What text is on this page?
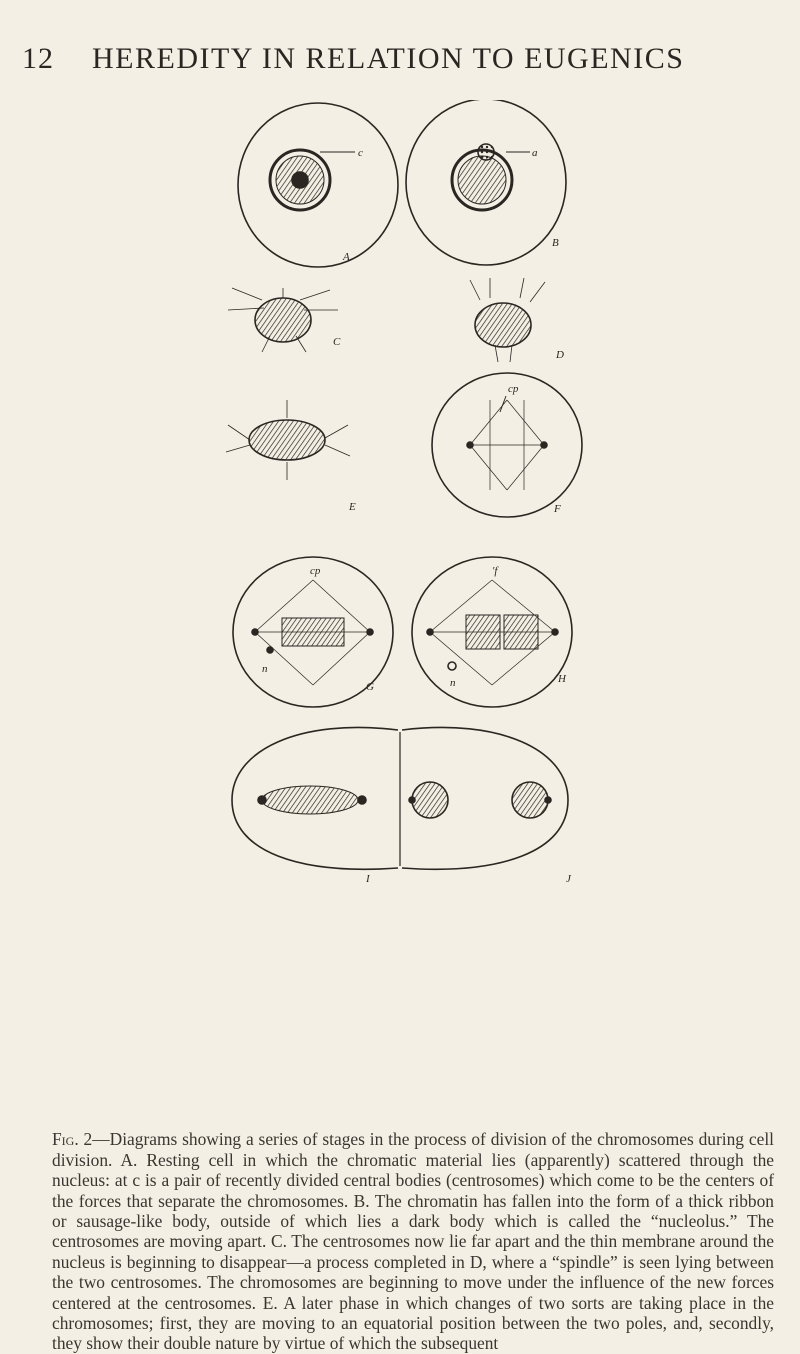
12 HEREDITY IN RELATION TO EUGENICS
c	a
A
B
C
D
cp
E	F
cp
n
G
'f
n	H
I	J

Fig. 2—Diagrams showing a series of stages in the process of division of the chromosomes during cell division. A. Resting cell in which the chromatic material lies (apparently) scattered through the nucleus: at c is a pair of recently divided central bodies (centrosomes) which come to be the centers of the forces that separate the chromosomes. B. The chromatin has fallen into the form of a thick ribbon or sausage-like body, outside of which lies a dark body which is called the “nucleolus.” The centrosomes are moving apart. C. The centrosomes now lie far apart and the thin membrane around the nucleus is beginning to disappear—a process completed in D, where a “spindle” is seen lying between the two centrosomes. The chromosomes are beginning to move under the influence of the new forces centered at the centrosomes. E. A later phase in which changes of two sorts are taking place in the chromosomes; first, they are moving to an equatorial position between the two poles, and, secondly, they show their double nature by virtue of which the subsequent
